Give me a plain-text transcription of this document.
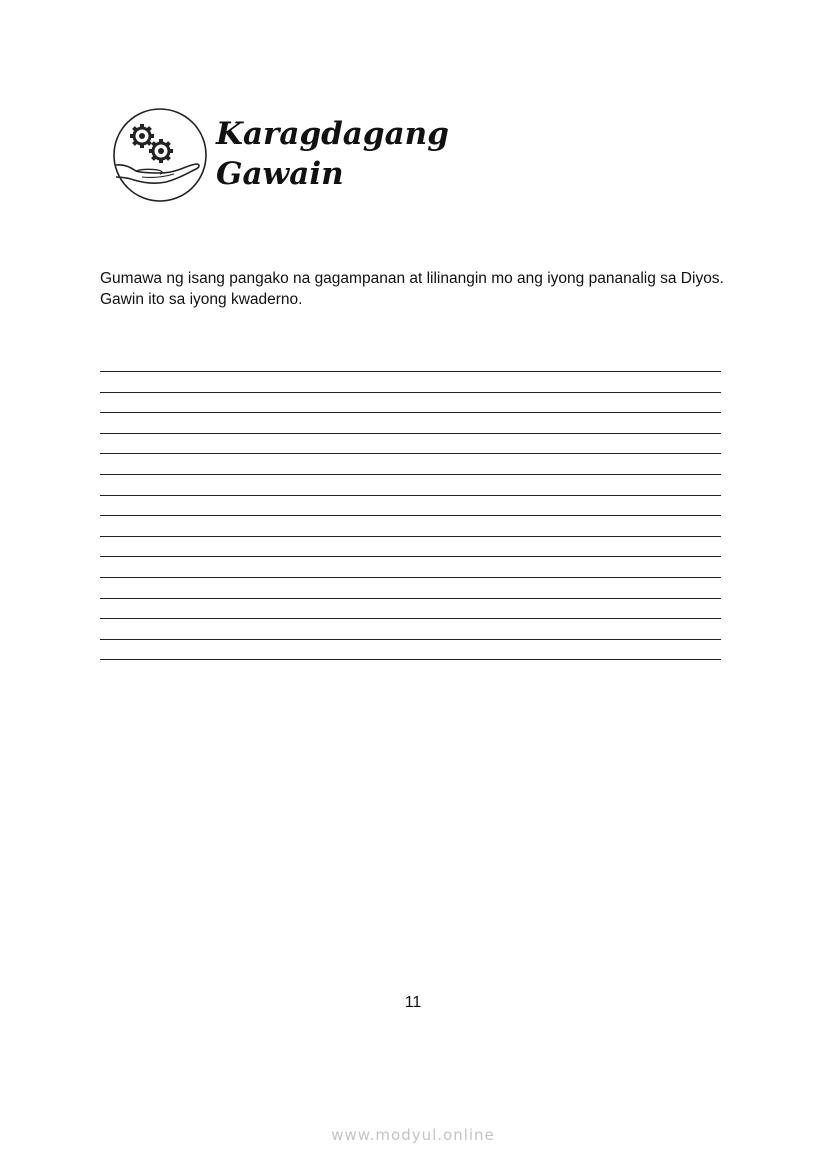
Karagdagang
Gawain

Gumawa ng isang pangako na gagampanan at lilinangin mo ang iyong pananalig sa Diyos. Gawin ito sa iyong kwaderno.

11
www.modyul.online
